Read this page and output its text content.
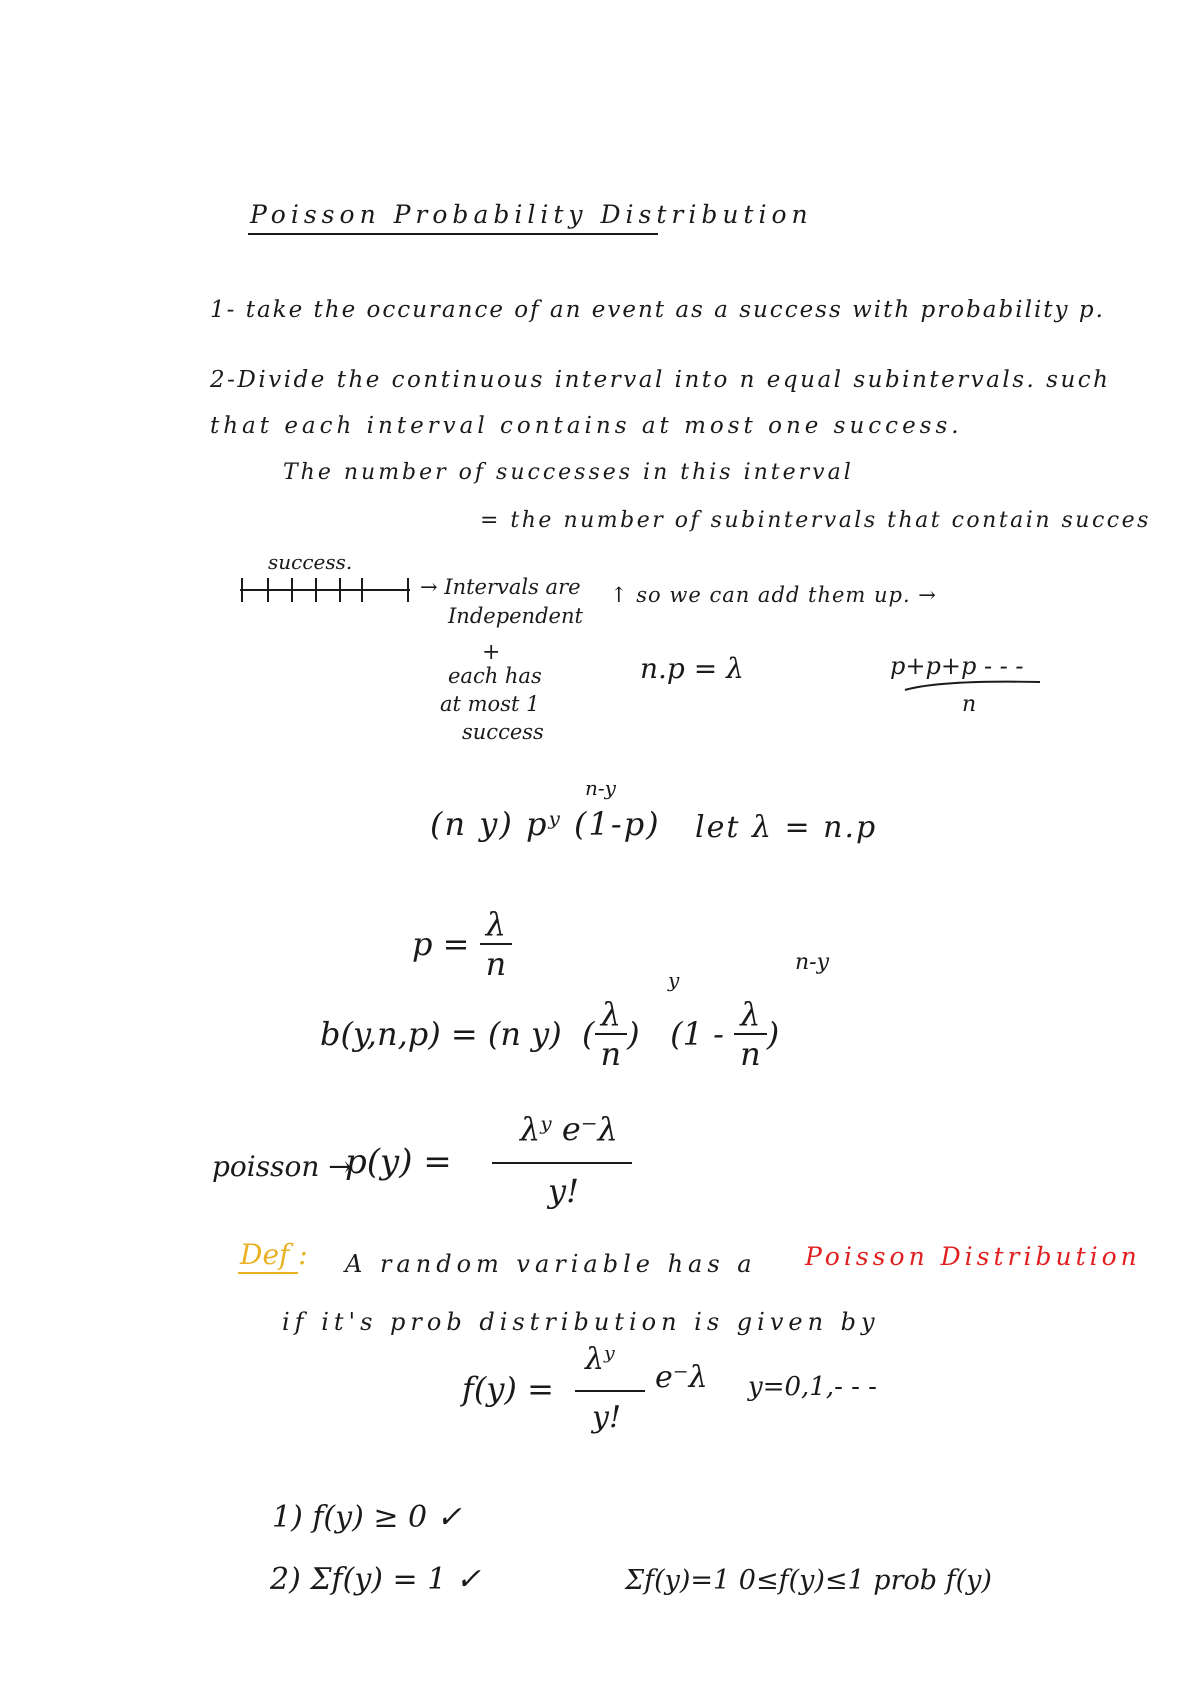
Poisson Probability Distribution
1- take the occurance of an event as a success with probability p.
2-Divide the continuous interval into n equal subintervals. such
that each interval contains at most one success.
The number of successes in this interval
= the number of subintervals that contain succes
success.
→ Intervals are
Independent
+
each has
at most 1
success
↑ so we can add them up. →
n.p = λ	p+p+p - - -
n
n-y
(n y) pʸ (1-p) let λ = n.p
$p = \frac{\lambda}{n}$	n-y
y
b(y,n,p) = (n y)  ( $\frac{\lambda}{n}$ )   ($1 - \frac{\lambda}{n}$ )
poisson →
p(y) =
λʸ e⁻λ
y!
Def : A random variable has a Poisson Distribution
if it's prob distribution is given by
f(y) =
λʸ
y!
e⁻λ y=0,1,- - -
1) f(y) ≥ 0 ✓
2) Σf(y) = 1 ✓	Σf(y)=1 0≤f(y)≤1 prob f(y)
